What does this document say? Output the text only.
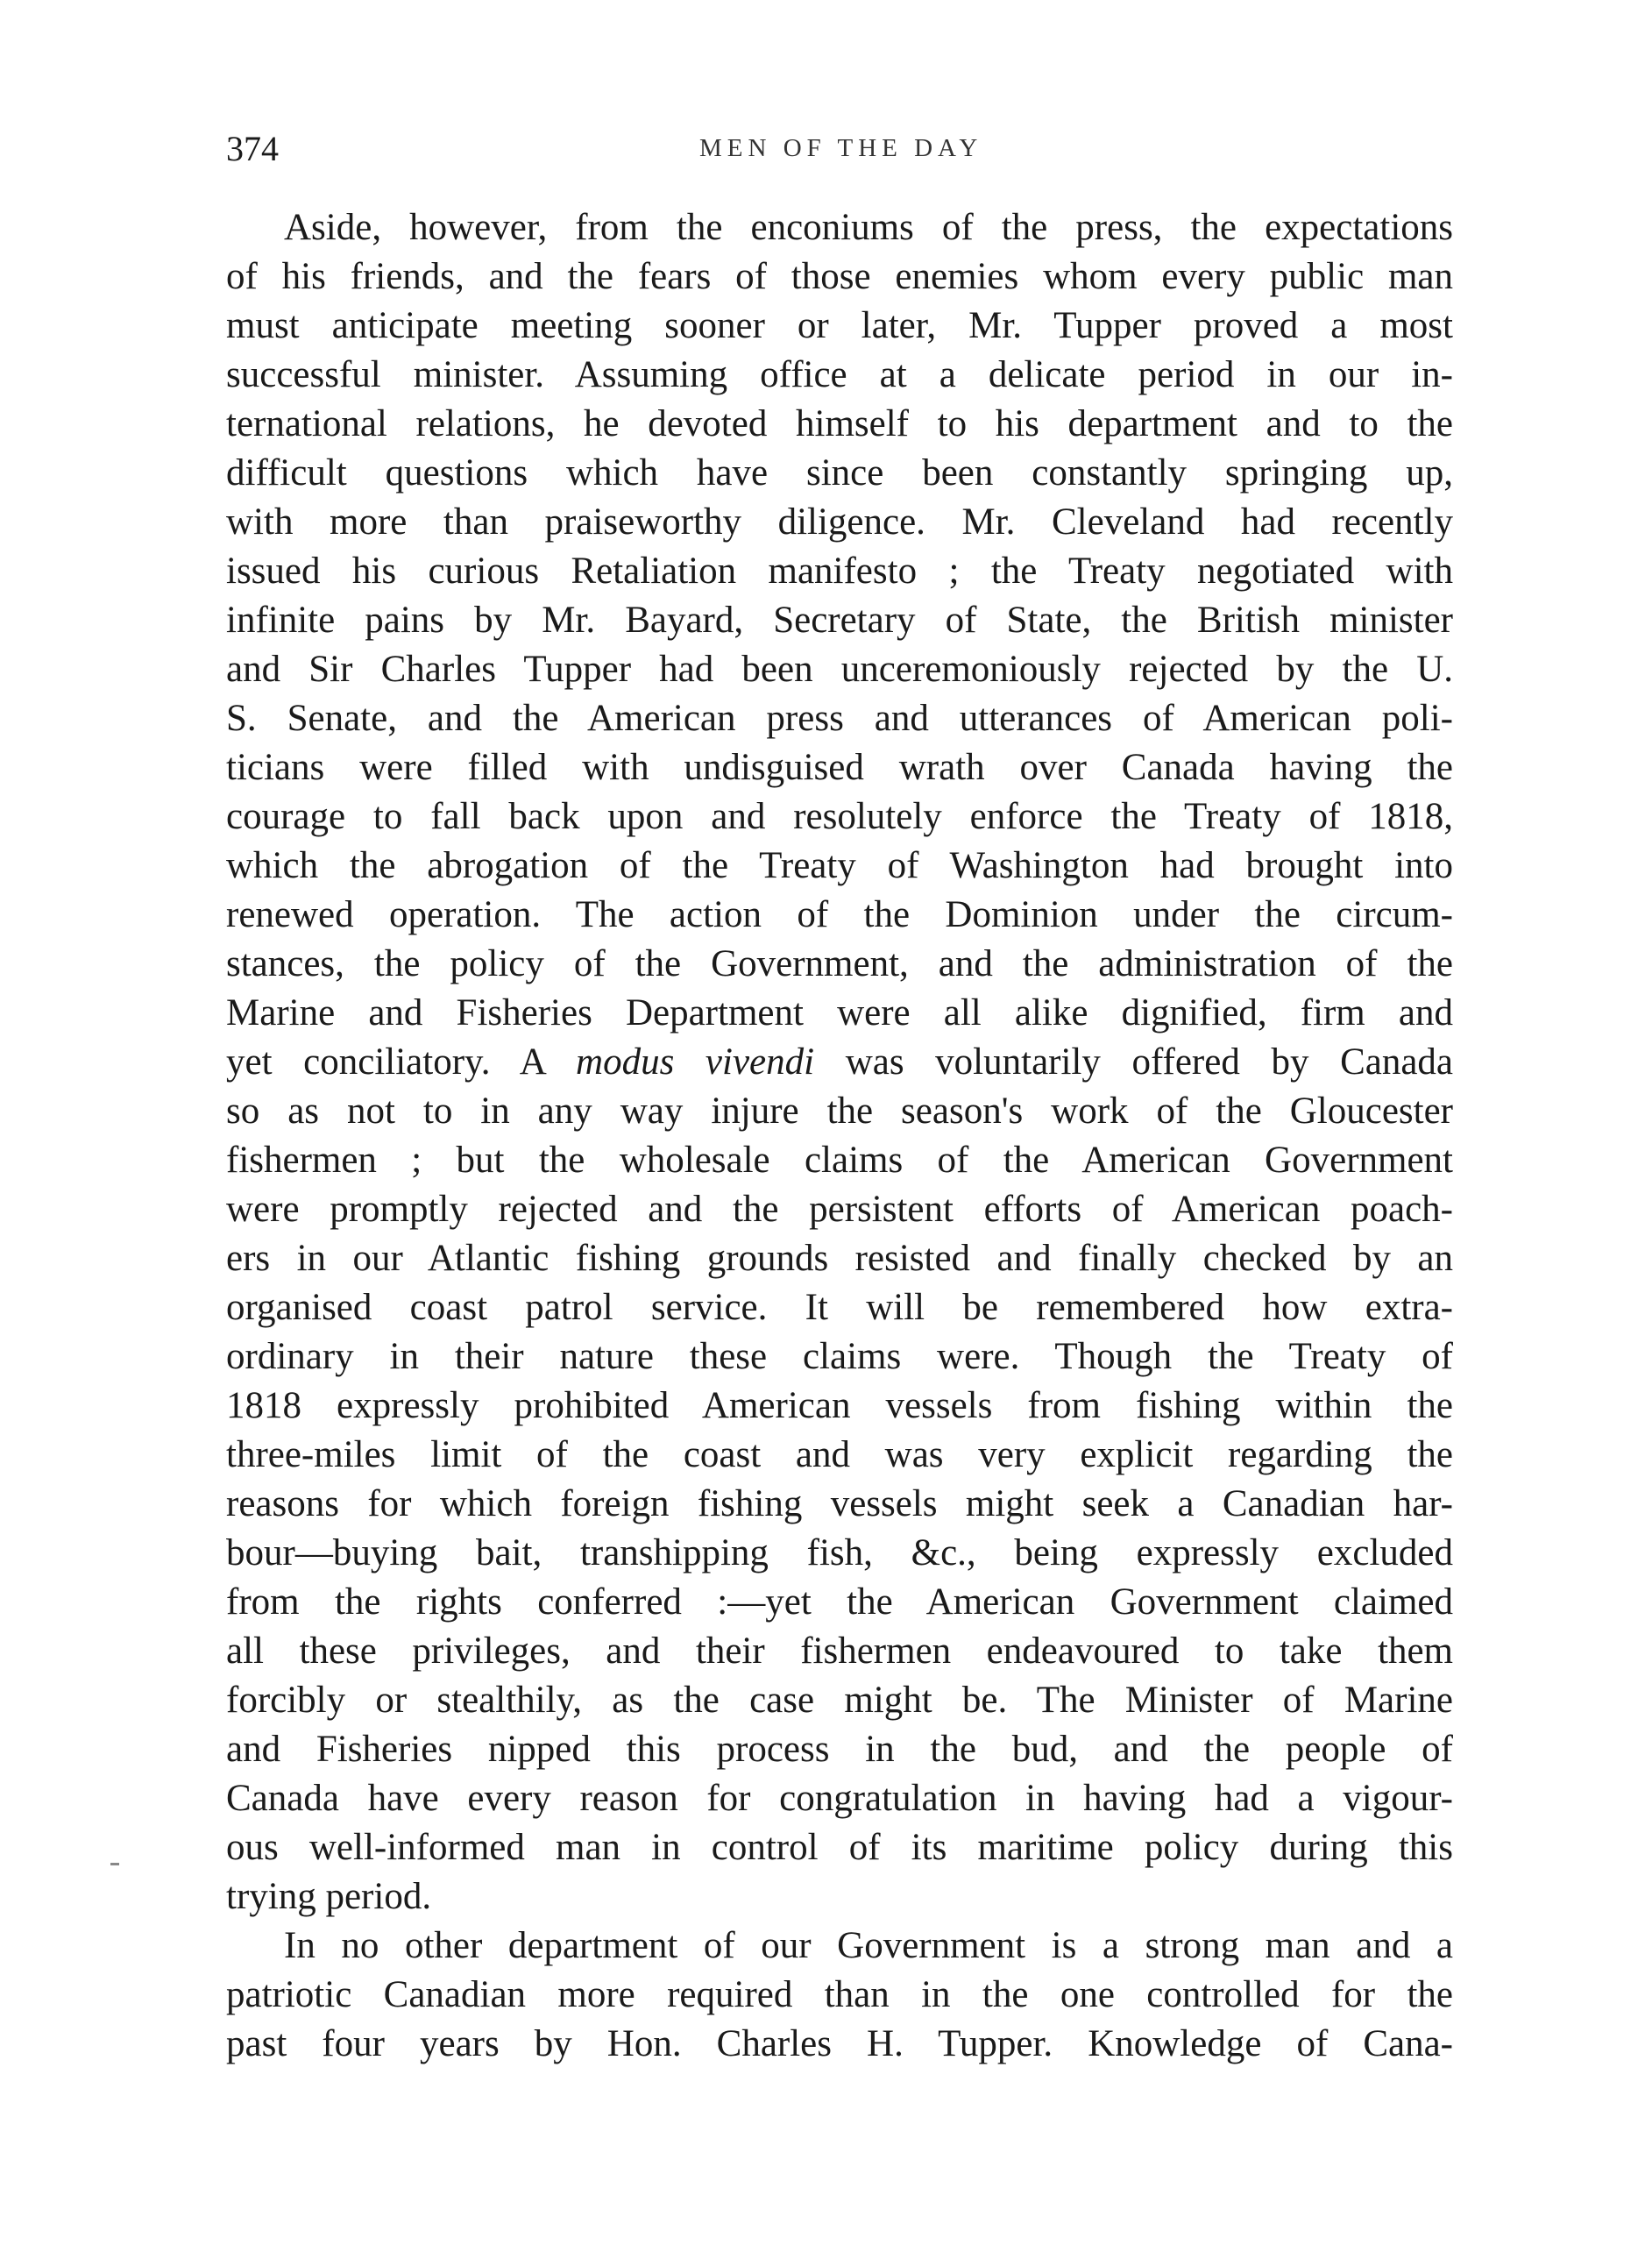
374	MEN OF THE DAY
Aside, however, from the enconiums of the press, the expectations
of his friends, and the fears of those enemies whom every public man
must anticipate meeting sooner or later, Mr. Tupper proved a most
successful minister. Assuming office at a delicate period in our in-
ternational relations, he devoted himself to his department and to the
difficult questions which have since been constantly springing up,
with more than praiseworthy diligence. Mr. Cleveland had recently
issued his curious Retaliation manifesto ; the Treaty negotiated with
infinite pains by Mr. Bayard, Secretary of State, the British minister
and Sir Charles Tupper had been unceremoniously rejected by the U.
S. Senate, and the American press and utterances of American poli-
ticians were filled with undisguised wrath over Canada having the
courage to fall back upon and resolutely enforce the Treaty of 1818,
which the abrogation of the Treaty of Washington had brought into
renewed operation. The action of the Dominion under the circum-
stances, the policy of the Government, and the administration of the
Marine and Fisheries Department were all alike dignified, firm and
yet conciliatory. A modus vivendi was voluntarily offered by Canada
so as not to in any way injure the season's work of the Gloucester
fishermen ; but the wholesale claims of the American Government
were promptly rejected and the persistent efforts of American poach-
ers in our Atlantic fishing grounds resisted and finally checked by an
organised coast patrol service. It will be remembered how extra-
ordinary in their nature these claims were. Though the Treaty of
1818 expressly prohibited American vessels from fishing within the
three-miles limit of the coast and was very explicit regarding the
reasons for which foreign fishing vessels might seek a Canadian har-
bour—buying bait, transhipping fish, &c., being expressly excluded
from the rights conferred :—yet the American Government claimed
all these privileges, and their fishermen endeavoured to take them
forcibly or stealthily, as the case might be. The Minister of Marine
and Fisheries nipped this process in the bud, and the people of
Canada have every reason for congratulation in having had a vigour-
ous well-informed man in control of its maritime policy during this
trying period.
In no other department of our Government is a strong man and a
patriotic Canadian more required than in the one controlled for the
past four years by Hon. Charles H. Tupper. Knowledge of Cana-
